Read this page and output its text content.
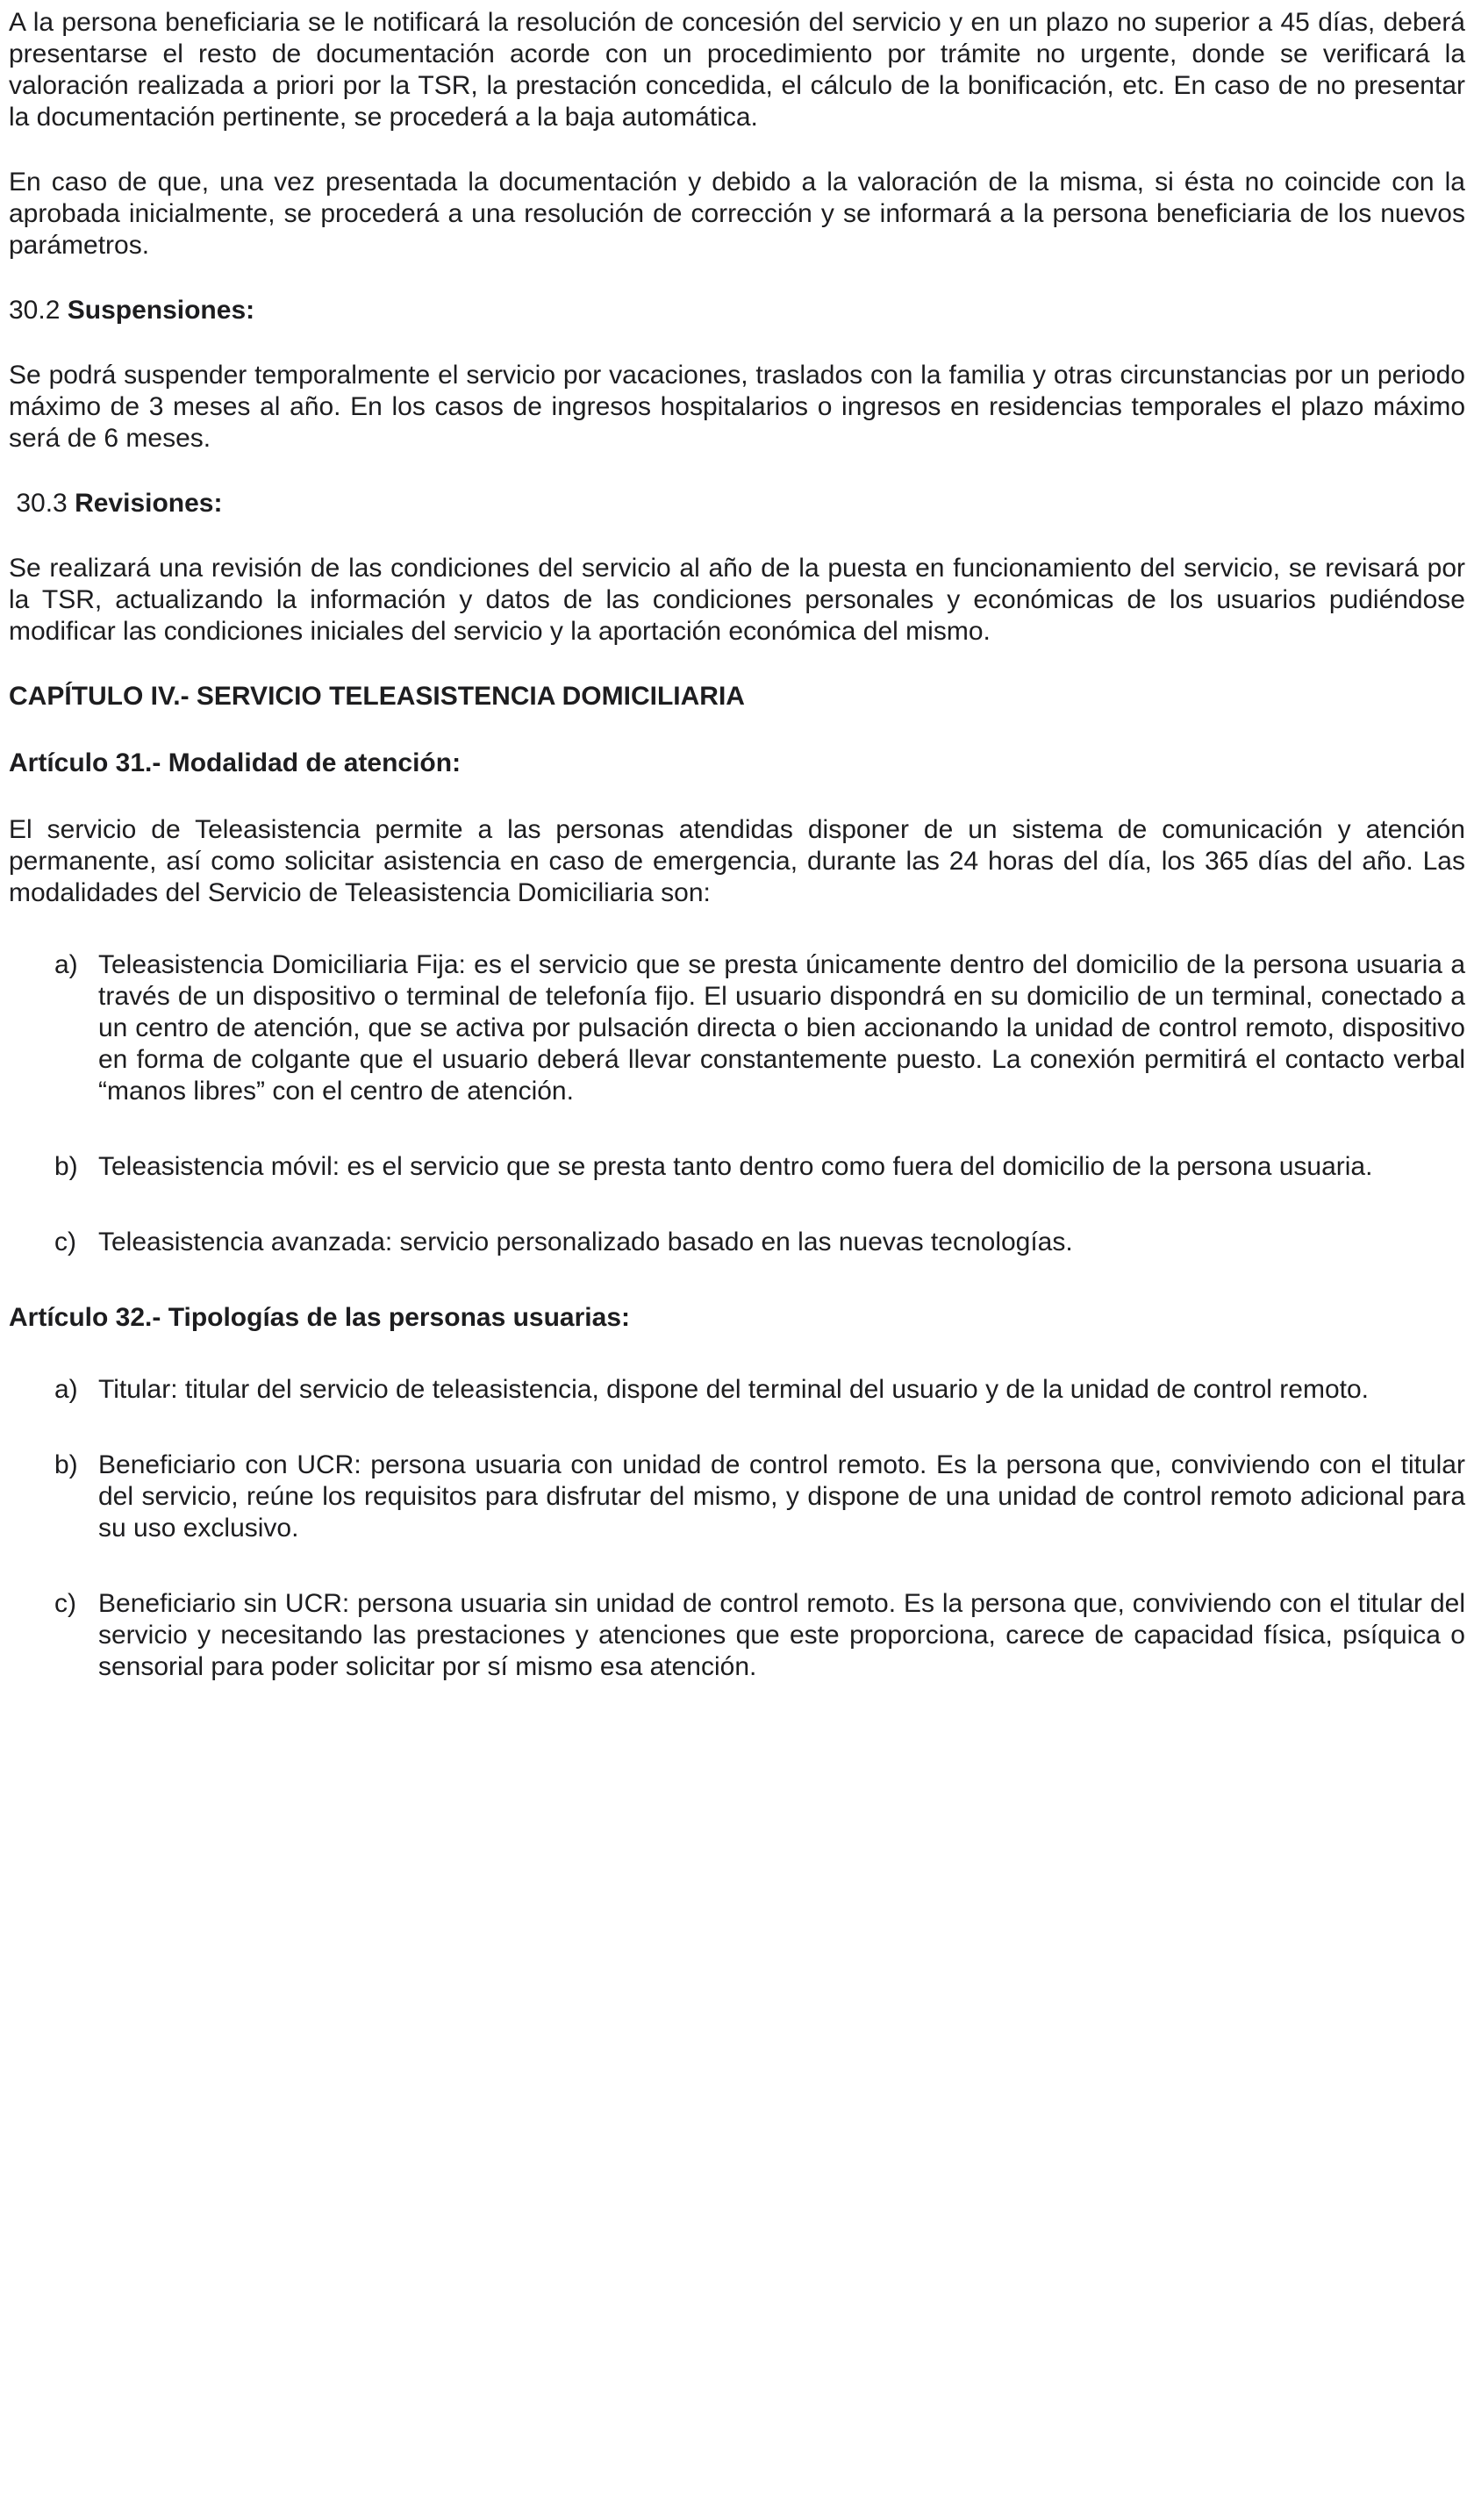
A la persona beneficiaria se le notificará la resolución de concesión del servicio y en un plazo no superior a 45 días, deberá presentarse el resto de documentación acorde con un procedimiento por trámite no urgente, donde se verificará la valoración realizada a priori por la TSR, la prestación concedida, el cálculo de la bonificación, etc. En caso de no presentar la documentación pertinente, se procederá a la baja automática.

En caso de que, una vez presentada la documentación y debido a la valoración de la misma, si ésta no coincide con la aprobada inicialmente, se procederá a una resolución de corrección y se informará a la persona beneficiaria de los nuevos parámetros.

30.2 Suspensiones:

Se podrá suspender temporalmente el servicio por vacaciones, traslados con la familia y otras circunstancias por un periodo máximo de 3 meses al año. En los casos de ingresos hospitalarios o ingresos en residencias temporales el plazo máximo será de 6 meses.

30.3 Revisiones:

Se realizará una revisión de las condiciones del servicio al año de la puesta en funcionamiento del servicio, se revisará por la TSR, actualizando la información y datos de las condiciones personales y económicas de los usuarios pudiéndose modificar las condiciones iniciales del servicio y la aportación económica del mismo.

CAPÍTULO IV.- SERVICIO TELEASISTENCIA DOMICILIARIA

Artículo 31.- Modalidad de atención:

El servicio de Teleasistencia permite a las personas atendidas disponer de un sistema de comunicación y atención permanente, así como solicitar asistencia en caso de emergencia, durante las 24 horas del día, los 365 días del año. Las modalidades del Servicio de Teleasistencia Domiciliaria son:

a) Teleasistencia Domiciliaria Fija: es el servicio que se presta únicamente dentro del domicilio de la persona usuaria a través de un dispositivo o terminal de telefonía fijo. El usuario dispondrá en su domicilio de un terminal, conectado a un centro de atención, que se activa por pulsación directa o bien accionando la unidad de control remoto, dispositivo en forma de colgante que el usuario deberá llevar constantemente puesto. La conexión permitirá el contacto verbal “manos libres” con el centro de atención.
b) Teleasistencia móvil: es el servicio que se presta tanto dentro como fuera del domicilio de la persona usuaria.
c) Teleasistencia avanzada: servicio personalizado basado en las nuevas tecnologías.

Artículo 32.- Tipologías de las personas usuarias:

a) Titular: titular del servicio de teleasistencia, dispone del terminal del usuario y de la unidad de control remoto.
b) Beneficiario con UCR: persona usuaria con unidad de control remoto. Es la persona que, conviviendo con el titular del servicio, reúne los requisitos para disfrutar del mismo, y dispone de una unidad de control remoto adicional para su uso exclusivo.
c) Beneficiario sin UCR: persona usuaria sin unidad de control remoto. Es la persona que, conviviendo con el titular del servicio y necesitando las prestaciones y atenciones que este proporciona, carece de capacidad física, psíquica o sensorial para poder solicitar por sí mismo esa atención.
